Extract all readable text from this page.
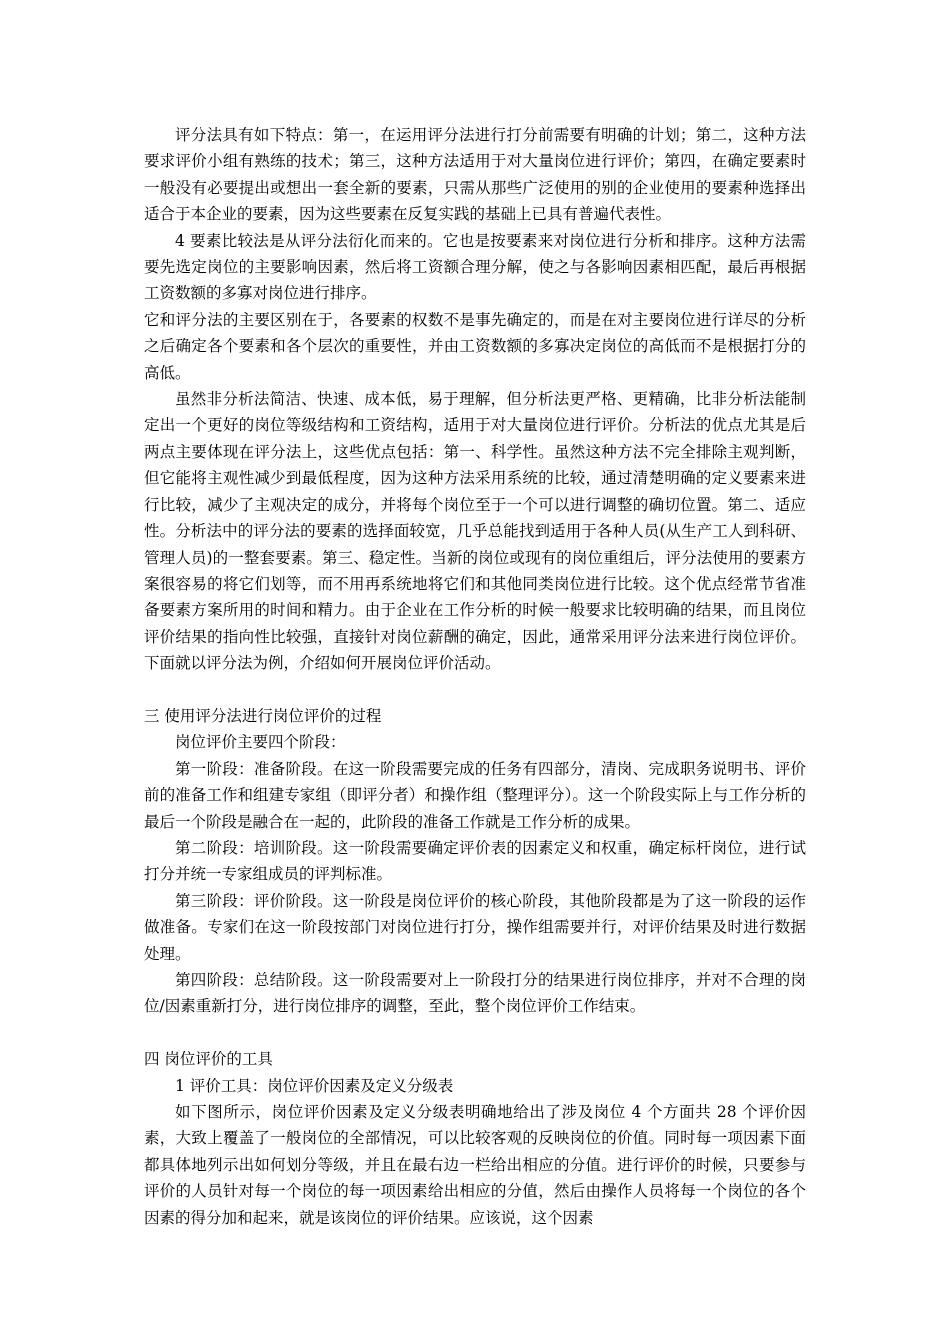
评分法具有如下特点：第一，在运用评分法进行打分前需要有明确的计划；第二，这种方法要求评价小组有熟练的技术；第三，这种方法适用于对大量岗位进行评价；第四，在确定要素时一般没有必要提出或想出一套全新的要素，只需从那些广泛使用的别的企业使用的要素种选择出适合于本企业的要素，因为这些要素在反复实践的基础上已具有普遍代表性。

4 要素比较法是从评分法衍化而来的。它也是按要素来对岗位进行分析和排序。这种方法需要先选定岗位的主要影响因素，然后将工资额合理分解，使之与各影响因素相匹配，最后再根据工资数额的多寡对岗位进行排序。

它和评分法的主要区别在于，各要素的权数不是事先确定的，而是在对主要岗位进行详尽的分析之后确定各个要素和各个层次的重要性，并由工资数额的多寡决定岗位的高低而不是根据打分的高低。

虽然非分析法简洁、快速、成本低，易于理解，但分析法更严格、更精确，比非分析法能制定出一个更好的岗位等级结构和工资结构，适用于对大量岗位进行评价。分析法的优点尤其是后两点主要体现在评分法上，这些优点包括：第一、科学性。虽然这种方法不完全排除主观判断，但它能将主观性减少到最低程度，因为这种方法采用系统的比较，通过清楚明确的定义要素来进行比较，减少了主观决定的成分，并将每个岗位至于一个可以进行调整的确切位置。第二、适应性。分析法中的评分法的要素的选择面较宽，几乎总能找到适用于各种人员(从生产工人到科研、管理人员)的一整套要素。第三、稳定性。当新的岗位或现有的岗位重组后，评分法使用的要素方案很容易的将它们划等，而不用再系统地将它们和其他同类岗位进行比较。这个优点经常节省准备要素方案所用的时间和精力。由于企业在工作分析的时候一般要求比较明确的结果，而且岗位评价结果的指向性比较强，直接针对岗位薪酬的确定，因此，通常采用评分法来进行岗位评价。下面就以评分法为例，介绍如何开展岗位评价活动。

三 使用评分法进行岗位评价的过程

岗位评价主要四个阶段：

第一阶段：准备阶段。在这一阶段需要完成的任务有四部分，清岗、完成职务说明书、评价前的准备工作和组建专家组（即评分者）和操作组（整理评分）。这一个阶段实际上与工作分析的最后一个阶段是融合在一起的，此阶段的准备工作就是工作分析的成果。

第二阶段：培训阶段。这一阶段需要确定评价表的因素定义和权重，确定标杆岗位，进行试打分并统一专家组成员的评判标准。

第三阶段：评价阶段。这一阶段是岗位评价的核心阶段，其他阶段都是为了这一阶段的运作做准备。专家们在这一阶段按部门对岗位进行打分，操作组需要并行，对评价结果及时进行数据处理。

第四阶段：总结阶段。这一阶段需要对上一阶段打分的结果进行岗位排序，并对不合理的岗位/因素重新打分，进行岗位排序的调整，至此，整个岗位评价工作结束。

四 岗位评价的工具

1 评价工具：岗位评价因素及定义分级表

如下图所示，岗位评价因素及定义分级表明确地给出了涉及岗位 4 个方面共 28 个评价因素，大致上覆盖了一般岗位的全部情况，可以比较客观的反映岗位的价值。同时每一项因素下面都具体地列示出如何划分等级，并且在最右边一栏给出相应的分值。进行评价的时候，只要参与评价的人员针对每一个岗位的每一项因素给出相应的分值，然后由操作人员将每一个岗位的各个因素的得分加和起来，就是该岗位的评价结果。应该说，这个因素
